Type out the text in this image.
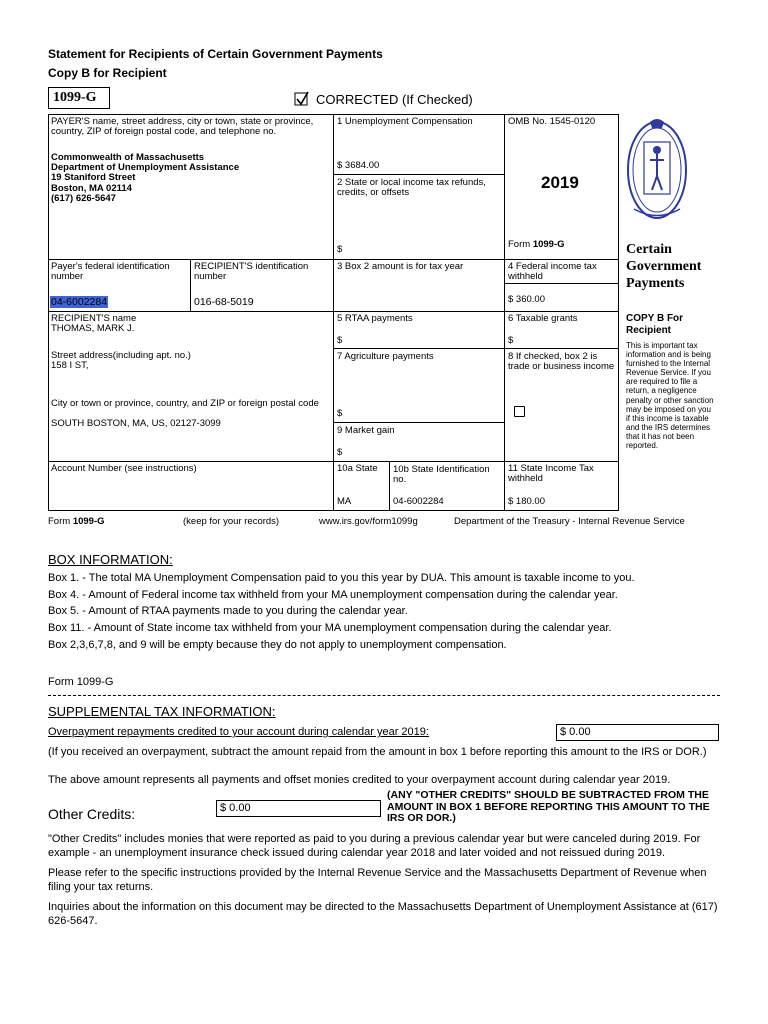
Statement for Recipients of Certain Government Payments
Copy B for Recipient
1099-G	CORRECTED (If Checked)
PAYER'S name, street address, city or town, state or province, country, ZIP of foreign postal code, and telephone no.
Commonwealth of Massachusetts
Department of Unemployment Assistance
19 Staniford Street
Boston, MA 02114
(617) 626-5647
1 Unemployment Compensation
$ 3684.00
2 State or local income tax refunds, credits, or offsets
$
OMB No. 1545-0120
2019
Form 1099-G	Certain
Government
Payments
COPY B For
Recipient
This is important tax information and is being furnished to the Internal Revenue Service. If you are required to file a return, a negligence penalty or other sanction may be imposed on you if this income is taxable and the IRS determines that it has not been reported.
Payer's federal identification number
04-6002284
RECIPIENT'S identification number
016-68-5019
3 Box 2 amount is for tax year	4 Federal income tax withheld
$ 360.00
RECIPIENT'S name
THOMAS, MARK J.
Street address(including apt. no.)
158 I ST,
City or town or province, country, and ZIP or foreign postal code
SOUTH BOSTON, MA, US, 02127-3099
5 RTAA payments
$
6 Taxable grants
$
7 Agriculture payments
$
8 If checked, box 2 is trade or business income
9 Market gain
$
Account Number (see instructions)	10a State
MA
10b State Identification no.
04-6002284
11 State Income Tax withheld
$ 180.00
Form 1099-G	(keep for your records)	www.irs.gov/form1099g	Department of the Treasury - Internal Revenue Service
BOX INFORMATION:
Box 1. - The total MA Unemployment Compensation paid to you this year by DUA. This amount is taxable income to you.
Box 4. - Amount of Federal income tax withheld from your MA unemployment compensation during the calendar year.
Box 5. - Amount of RTAA payments made to you during the calendar year.
Box 11. - Amount of State income tax withheld from your MA unemployment compensation during the calendar year.
Box 2,3,6,7,8, and 9 will be empty because they do not apply to unemployment compensation.
Form 1099-G
SUPPLEMENTAL TAX INFORMATION:
Overpayment repayments credited to your account during calendar year 2019:	$ 0.00
(If you received an overpayment, subtract the amount repaid from the amount in box 1 before reporting this amount to the IRS or DOR.)
The above amount represents all payments and offset monies credited to your overpayment account during calendar year 2019.
Other Credits:	$ 0.00
(ANY "OTHER CREDITS" SHOULD BE SUBTRACTED FROM THE AMOUNT IN BOX 1 BEFORE REPORTING THIS AMOUNT TO THE IRS OR DOR.)
"Other Credits" includes monies that were reported as paid to you during a previous calendar year but were canceled during 2019. For example - an unemployment insurance check issued during calendar year 2018 and later voided and not reissued during 2019.
Please refer to the specific instructions provided by the Internal Revenue Service and the Massachusetts Department of Revenue when filing your tax returns.
Inquiries about the information on this document may be directed to the Massachusetts Department of Unemployment Assistance at (617) 626-5647.
